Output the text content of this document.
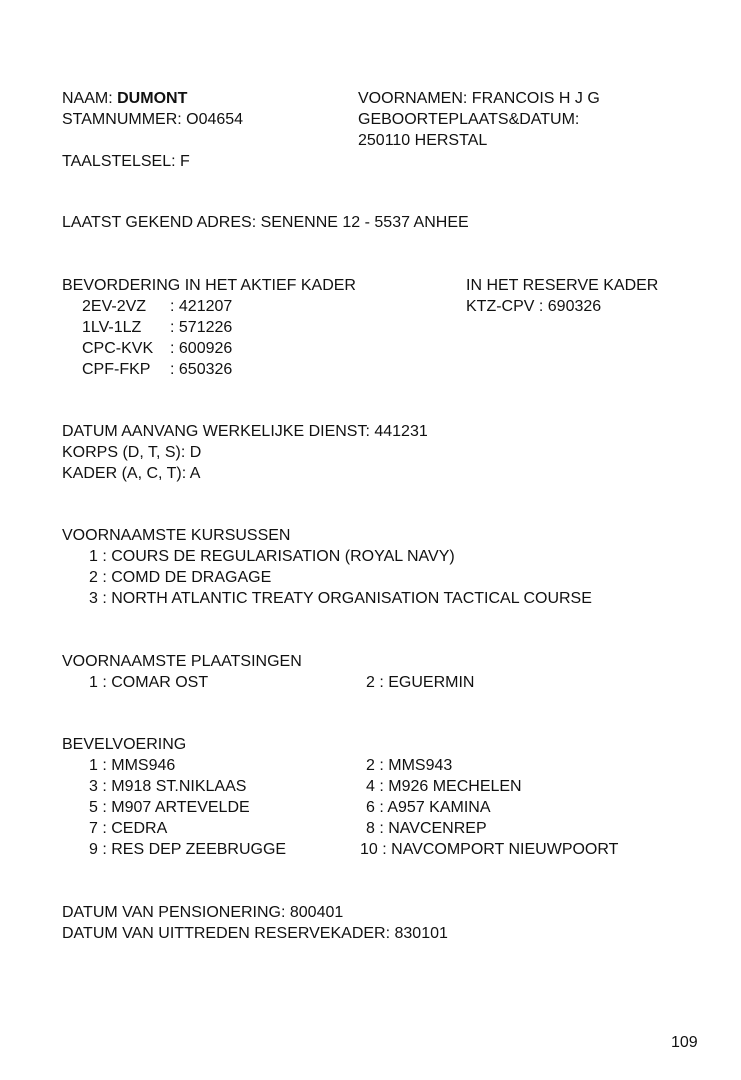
NAAM: DUMONT
STAMNUMMER: O04654
VOORNAMEN: FRANCOIS H J G
GEBOORTEPLAATS&DATUM:
250110 HERSTAL
TAALSTELSEL: F
LAATST GEKEND ADRES: SENENNE 12 - 5537 ANHEE
BEVORDERING IN HET AKTIEF KADER
2EV-2VZ : 421207
1LV-1LZ : 571226
CPC-KVK : 600926
CPF-FKP : 650326
IN HET RESERVE KADER
KTZ-CPV : 690326
DATUM AANVANG WERKELIJKE DIENST: 441231
KORPS (D, T, S): D
KADER (A, C, T): A
VOORNAAMSTE KURSUSSEN
1 : COURS DE REGULARISATION (ROYAL NAVY)
2 : COMD DE DRAGAGE
3 : NORTH ATLANTIC TREATY ORGANISATION TACTICAL COURSE
VOORNAAMSTE PLAATSINGEN
1 : COMAR OST	2 : EGUERMIN
BEVELVOERING
1 : MMS946
3 : M918 ST.NIKLAAS
5 : M907 ARTEVELDE
7 : CEDRA
9 : RES DEP ZEEBRUGGE
2 : MMS943
4 : M926 MECHELEN
6 : A957 KAMINA
8 : NAVCENREP
10 : NAVCOMPORT NIEUWPOORT
DATUM VAN PENSIONERING: 800401
DATUM VAN UITTREDEN RESERVEKADER: 830101
109
